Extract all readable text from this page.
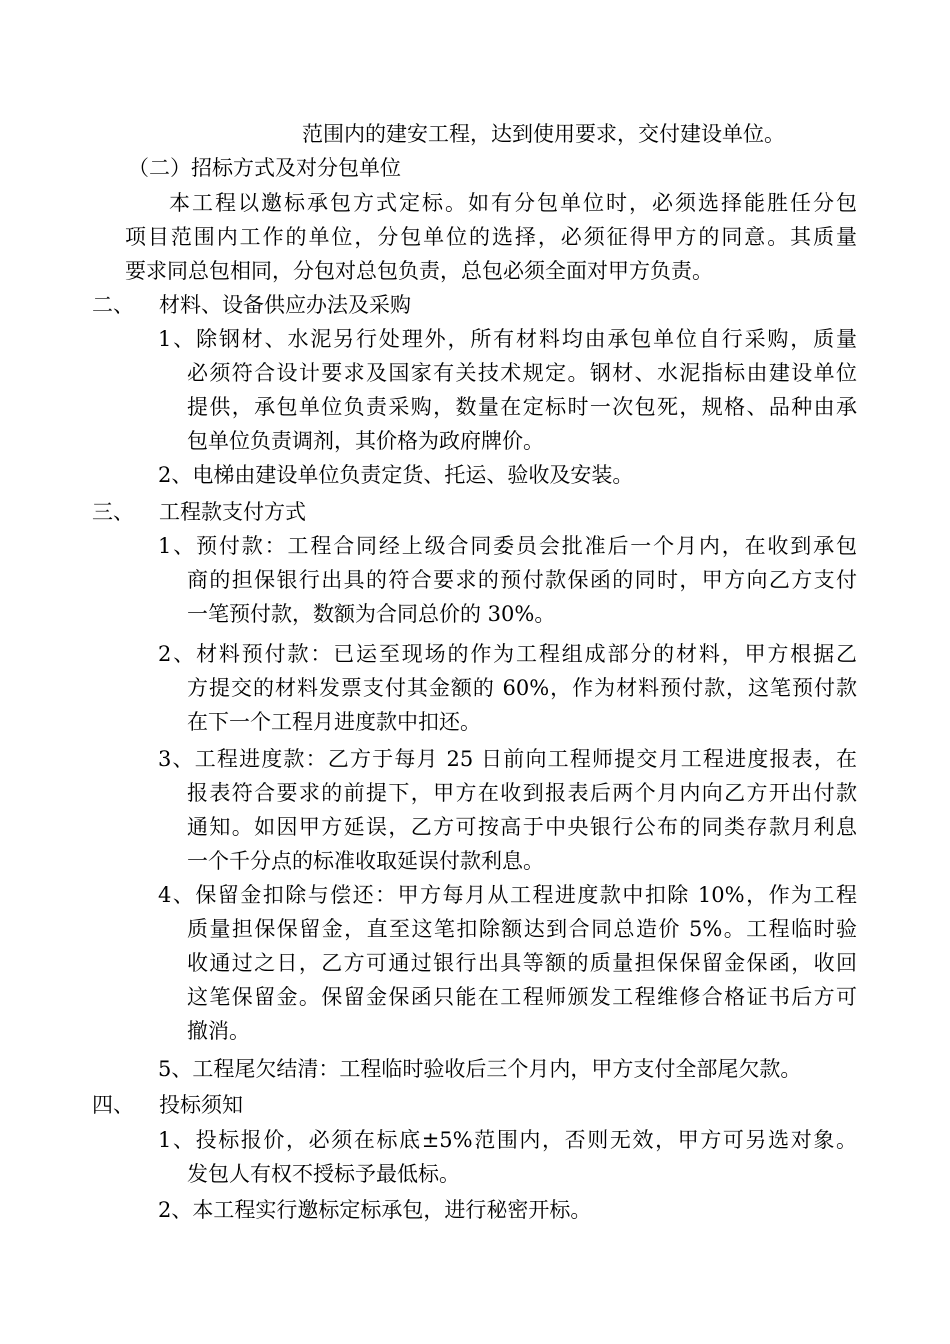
范围内的建安工程，达到使用要求，交付建设单位。
（二）招标方式及对分包单位
本工程以邀标承包方式定标。如有分包单位时，必须选择能胜任分包
项目范围内工作的单位，分包单位的选择，必须征得甲方的同意。其质量
要求同总包相同，分包对总包负责，总包必须全面对甲方负责。
二、 材料、设备供应办法及采购
1、除钢材、水泥另行处理外，所有材料均由承包单位自行采购，质量
必须符合设计要求及国家有关技术规定。钢材、水泥指标由建设单位
提供，承包单位负责采购，数量在定标时一次包死，规格、品种由承
包单位负责调剂，其价格为政府牌价。
2、电梯由建设单位负责定货、托运、验收及安装。
三、 工程款支付方式
1、预付款：工程合同经上级合同委员会批准后一个月内，在收到承包
商的担保银行出具的符合要求的预付款保函的同时，甲方向乙方支付
一笔预付款，数额为合同总价的 30%。
2、材料预付款：已运至现场的作为工程组成部分的材料，甲方根据乙
方提交的材料发票支付其金额的 60%，作为材料预付款，这笔预付款
在下一个工程月进度款中扣还。
3、工程进度款：乙方于每月 25 日前向工程师提交月工程进度报表，在
报表符合要求的前提下，甲方在收到报表后两个月内向乙方开出付款
通知。如因甲方延误，乙方可按高于中央银行公布的同类存款月利息
一个千分点的标准收取延误付款利息。
4、保留金扣除与偿还：甲方每月从工程进度款中扣除 10%，作为工程
质量担保保留金，直至这笔扣除额达到合同总造价 5%。工程临时验
收通过之日，乙方可通过银行出具等额的质量担保保留金保函，收回
这笔保留金。保留金保函只能在工程师颁发工程维修合格证书后方可
撤消。
5、工程尾欠结清：工程临时验收后三个月内，甲方支付全部尾欠款。
四、 投标须知
1、投标报价，必须在标底±5%范围内，否则无效，甲方可另选对象。
发包人有权不授标予最低标。
2、本工程实行邀标定标承包，进行秘密开标。
